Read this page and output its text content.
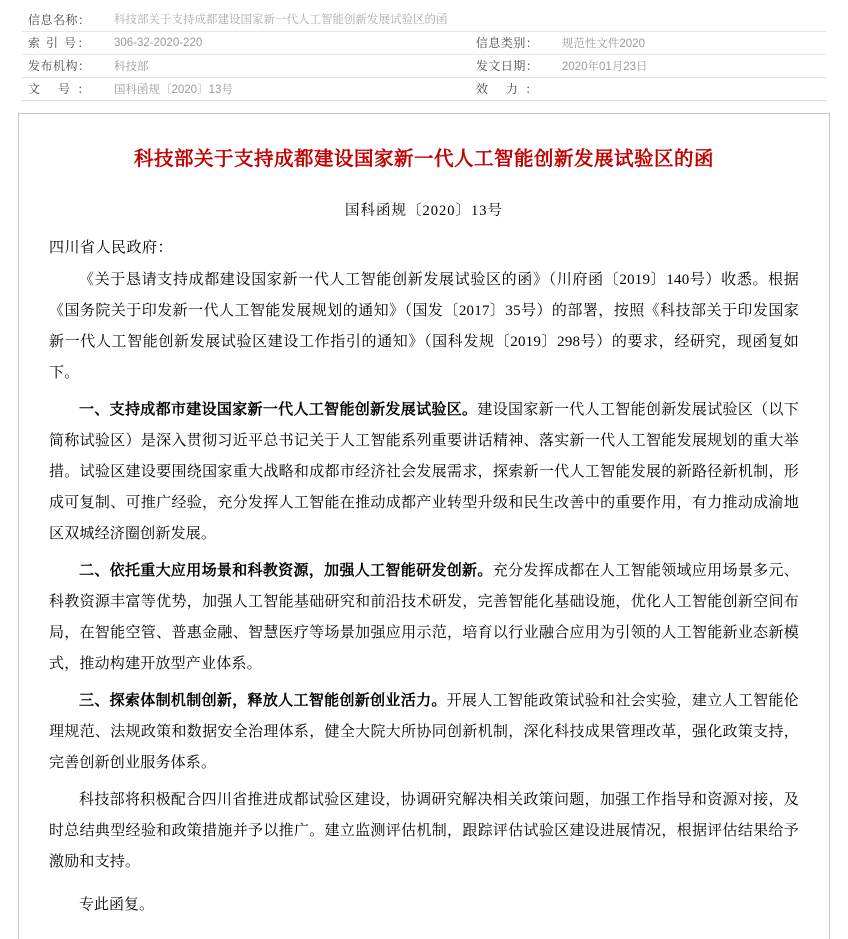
信息名称：	科技部关于支持成都建设国家新一代人工智能创新发展试验区的函		
索 引 号：	306-32-2020-220	信息类别：	规范性文件2020
发布机构：	科技部	发文日期：	2020年01月23日
文 号：	国科函规〔2020〕13号	效 力：	
科技部关于支持成都建设国家新一代人工智能创新发展试验区的函
国科函规〔2020〕13号
四川省人民政府：

《关于恳请支持成都建设国家新一代人工智能创新发展试验区的函》（川府函〔2019〕140号）收悉。根据《国务院关于印发新一代人工智能发展规划的通知》（国发〔2017〕35号）的部署，按照《科技部关于印发国家新一代人工智能创新发展试验区建设工作指引的通知》（国科发规〔2019〕298号）的要求，经研究，现函复如下。

一、支持成都市建设国家新一代人工智能创新发展试验区。建设国家新一代人工智能创新发展试验区（以下简称试验区）是深入贯彻习近平总书记关于人工智能系列重要讲话精神、落实新一代人工智能发展规划的重大举措。试验区建设要围绕国家重大战略和成都市经济社会发展需求，探索新一代人工智能发展的新路径新机制，形成可复制、可推广经验，充分发挥人工智能在推动成都产业转型升级和民生改善中的重要作用，有力推动成渝地区双城经济圈创新发展。

二、依托重大应用场景和科教资源，加强人工智能研发创新。充分发挥成都在人工智能领域应用场景多元、科教资源丰富等优势，加强人工智能基础研究和前沿技术研发，完善智能化基础设施，优化人工智能创新空间布局，在智能空管、普惠金融、智慧医疗等场景加强应用示范，培育以行业融合应用为引领的人工智能新业态新模式，推动构建开放型产业体系。

三、探索体制机制创新，释放人工智能创新创业活力。开展人工智能政策试验和社会实验，建立人工智能伦理规范、法规政策和数据安全治理体系，健全大院大所协同创新机制，深化科技成果管理改革，强化政策支持，完善创新创业服务体系。

科技部将积极配合四川省推进成都试验区建设，协调研究解决相关政策问题，加强工作指导和资源对接，及时总结典型经验和政策措施并予以推广。建立监测评估机制，跟踪评估试验区建设进展情况，根据评估结果给予激励和支持。

专此函复。
